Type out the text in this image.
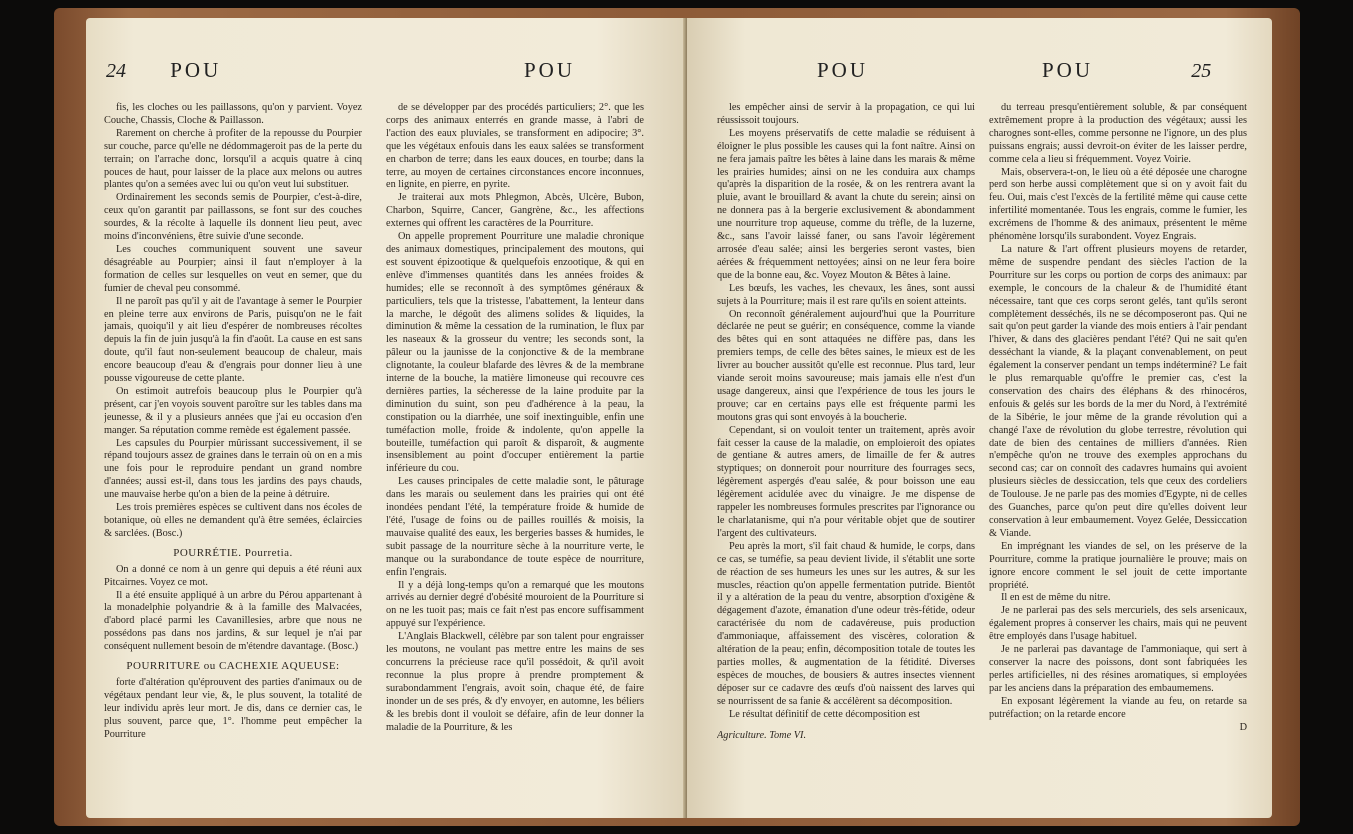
24 POU	POU

fis, les cloches ou les paillassons, qu'on y parvient. Voyez Couche, Chassis, Cloche & Paillasson.

Rarement on cherche à profiter de la repousse du Pourpier sur couche, parce qu'elle ne dédommageroit pas de la perte du terrain; on l'arrache donc, lorsqu'il a acquis quatre à cinq pouces de haut, pour laisser de la place aux melons ou autres plantes qu'on a semées avec lui ou qu'on veut lui substituer.

Ordinairement les seconds semis de Pourpier, c'est-à-dire, ceux qu'on garantit par paillassons, se font sur des couches sourdes, & la récolte à laquelle ils donnent lieu peut, avec moins d'inconvéniens, être suivie d'une seconde.

Les couches communiquent souvent une saveur désagréable au Pourpier; ainsi il faut n'employer à la formation de celles sur lesquelles on veut en semer, que du fumier de cheval peu consommé.

Il ne paroît pas qu'il y ait de l'avantage à semer le Pourpier en pleine terre aux environs de Paris, puisqu'on ne le fait jamais, quoiqu'il y ait lieu d'espérer de nombreuses récoltes depuis la fin de juin jusqu'à la fin d'août. La cause en est sans doute, qu'il faut non-seulement beaucoup de chaleur, mais encore beaucoup d'eau & d'engrais pour donner lieu à une pousse vigoureuse de cette plante.

On estimoit autrefois beaucoup plus le Pourpier qu'à présent, car j'en voyois souvent paroître sur les tables dans ma jeunesse, & il y a plusieurs années que j'ai eu occasion d'en manger. Sa réputation comme remède est également passée.

Les capsules du Pourpier mûrissant successivement, il se répand toujours assez de graines dans le terrain où on en a mis une fois pour le reproduire pendant un grand nombre d'années; aussi est-il, dans tous les jardins des pays chauds, une mauvaise herbe qu'on a bien de la peine à détruire.

Les trois premières espèces se cultivent dans nos écoles de botanique, où elles ne demandent qu'à être semées, éclaircies & sarclées. (Bosc.)

POURRÉTIE. Pourretia.

On a donné ce nom à un genre qui depuis a été réuni aux Pitcairnes. Voyez ce mot.

Il a été ensuite appliqué à un arbre du Pérou appartenant à la monadelphie polyandrie & à la famille des Malvacées, d'abord placé parmi les Cavanillesies, arbre que nous ne possédons pas dans nos jardins, & sur lequel je n'ai par conséquent nullement besoin de m'étendre davantage. (Bosc.)

POURRITURE ou CACHEXIE AQUEUSE:

forte d'altération qu'éprouvent des parties d'animaux ou de végétaux pendant leur vie, &, le plus souvent, la totalité de leur individu après leur mort. Je dis, dans ce dernier cas, le plus souvent, parce que, 1°. l'homme peut empêcher la Pourriture

de se développer par des procédés particuliers; 2°. que les corps des animaux enterrés en grande masse, à l'abri de l'action des eaux pluviales, se transforment en adipocire; 3°. que les végétaux enfouis dans les eaux salées se transforment en charbon de terre; dans les eaux douces, en tourbe; dans la terre, au moyen de certaines circonstances encore inconnues, en lignite, en pierre, en pyrite.

Je traiterai aux mots Phlegmon, Abcès, Ulcère, Bubon, Charbon, Squirre, Cancer, Gangrène, &c., les affections externes qui offrent les caractères de la Pourriture.

On appelle proprement Pourriture une maladie chronique des animaux domestiques, principalement des moutons, qui est souvent épizootique & quelquefois enzootique, & qui en enlève d'immenses quantités dans les années froides & humides; elle se reconnoît à des symptômes généraux & particuliers, tels que la tristesse, l'abattement, la lenteur dans la marche, le dégoût des alimens solides & liquides, la diminution & même la cessation de la rumination, le flux par les naseaux & la grosseur du ventre; les seconds sont, la pâleur ou la jaunisse de la conjonctive & de la membrane clignotante, la couleur blafarde des lèvres & de la membrane interne de la bouche, la matière limoneuse qui recouvre ces dernières parties, la sécheresse de la laine produite par la diminution du suint, son peu d'adhérence à la peau, la constipation ou la diarrhée, une soif inextinguible, enfin une tuméfaction molle, froide & indolente, qu'on appelle la bouteille, tuméfaction qui paroît & disparoît, & augmente insensiblement au point d'occuper entièrement la partie inférieure du cou.

Les causes principales de cette maladie sont, le pâturage dans les marais ou seulement dans les prairies qui ont été inondées pendant l'été, la température froide & humide de l'été, l'usage de foins ou de pailles rouillés & moisis, la mauvaise qualité des eaux, les bergeries basses & humides, le subit passage de la nourriture sèche à la nourriture verte, le manque ou la surabondance de toute espèce de nourriture, enfin l'engrais.

Il y a déjà long-temps qu'on a remarqué que les moutons arrivés au dernier degré d'obésité mouroient de la Pourriture si on ne les tuoit pas; mais ce fait n'est pas encore suffisamment appuyé sur l'expérience.

L'Anglais Blackwell, célèbre par son talent pour engraisser les moutons, ne voulant pas mettre entre les mains de ses concurrens la précieuse race qu'il possédoit, & qu'il avoit reconnue la plus propre à prendre promptement & surabondamment l'engrais, avoit soin, chaque été, de faire inonder un de ses prés, & d'y envoyer, en automne, les béliers & les brebis dont il vouloit se défaire, afin de leur donner la maladie de la Pourriture, & les

POU	POU	25

les empêcher ainsi de servir à la propagation, ce qui lui réussissoit toujours.

Les moyens préservatifs de cette maladie se réduisent à éloigner le plus possible les causes qui la font naître. Ainsi on ne fera jamais paître les bêtes à laine dans les marais & même les prairies humides; ainsi on ne les conduira aux champs qu'après la disparition de la rosée, & on les rentrera avant la pluie, avant le brouillard & avant la chute du serein; ainsi on ne donnera pas à la bergerie exclusivement & abondamment une nourriture trop aqueuse, comme du trèfle, de la luzerne, &c., sans l'avoir laissé faner, ou sans l'avoir légèrement arrosée d'eau salée; ainsi les bergeries seront vastes, bien aérées & fréquemment nettoyées; ainsi on ne leur fera boire que de la bonne eau, &c. Voyez Mouton & Bêtes à laine.

Les bœufs, les vaches, les chevaux, les ânes, sont aussi sujets à la Pourriture; mais il est rare qu'ils en soient atteints.

On reconnoît généralement aujourd'hui que la Pourriture déclarée ne peut se guérir; en conséquence, comme la viande des bêtes qui en sont attaquées ne diffère pas, dans les premiers temps, de celle des bêtes saines, le mieux est de les livrer au boucher aussitôt qu'elle est reconnue. Plus tard, leur viande seroit moins savoureuse; mais jamais elle n'est d'un usage dangereux, ainsi que l'expérience de tous les jours le prouve; car en certains pays elle est fréquente parmi les moutons gras qui sont envoyés à la boucherie.

Cependant, si on vouloit tenter un traitement, après avoir fait cesser la cause de la maladie, on emploieroit des opiates de gentiane & autres amers, de limaille de fer & autres styptiques; on donneroit pour nourriture des fourrages secs, légèrement aspergés d'eau salée, & pour boisson une eau légèrement acidulée avec du vinaigre. Je me dispense de rappeler les nombreuses formules prescrites par l'ignorance ou le charlatanisme, qui n'a pour véritable objet que de soutirer l'argent des cultivateurs.

Peu après la mort, s'il fait chaud & humide, le corps, dans ce cas, se tuméfie, sa peau devient livide, il s'établit une sorte de réaction de ses humeurs les unes sur les autres, & sur les muscles, réaction qu'on appelle fermentation putride. Bientôt il y a altération de la peau du ventre, absorption d'oxigène & dégagement d'azote, émanation d'une odeur très-fétide, odeur caractérisée du nom de cadavéreuse, puis production d'ammoniaque, affaissement des viscères, coloration & altération de la peau; enfin, décomposition totale de toutes les parties molles, & augmentation de la fétidité. Diverses espèces de mouches, de bousiers & autres insectes viennent déposer sur ce cadavre des œufs d'où naissent des larves qui se nourrissent de sa fanie & accélèrent sa décomposition.

Le résultat définitif de cette décomposition est

Agriculture. Tome VI.

du terreau presqu'entièrement soluble, & par conséquent extrêmement propre à la production des végétaux; aussi les charognes sont-elles, comme personne ne l'ignore, un des plus puissans engrais; aussi devroit-on éviter de les laisser perdre, comme cela a lieu si fréquemment. Voyez Voirie.

Mais, observera-t-on, le lieu où a été déposée une charogne perd son herbe aussi complètement que si on y avoit fait du feu. Oui, mais c'est l'excès de la fertilité même qui cause cette infertilité momentanée. Tous les engrais, comme le fumier, les excrémens de l'homme & des animaux, présentent le même phénomène lorsqu'ils surabondent. Voyez Engrais.

La nature & l'art offrent plusieurs moyens de retarder, même de suspendre pendant des siècles l'action de la Pourriture sur les corps ou portion de corps des animaux: par exemple, le concours de la chaleur & de l'humidité étant nécessaire, tant que ces corps seront gelés, tant qu'ils seront complètement desséchés, ils ne se décomposeront pas. Qui ne sait qu'on peut garder la viande des mois entiers à l'air pendant l'hiver, & dans des glacières pendant l'été? Qui ne sait qu'en desséchant la viande, & la plaçant convenablement, on peut également la conserver pendant un temps indéterminé? Le fait le plus remarquable qu'offre le premier cas, c'est la conservation des chairs des éléphans & des rhinocéros, enfouis & gelés sur les bords de la mer du Nord, à l'extrémité de la Sibérie, le jour même de la grande révolution qui a changé l'axe de révolution du globe terrestre, révolution qui date de bien des centaines de milliers d'années. Rien n'empêche qu'on ne trouve des exemples approchans du second cas; car on connoît des cadavres humains qui avoient plusieurs siècles de dessiccation, tels que ceux des cordeliers de Toulouse. Je ne parle pas des momies d'Egypte, ni de celles des Guanches, parce qu'on peut dire qu'elles doivent leur conservation à leur embaumement. Voyez Gelée, Dessiccation & Viande.

En imprégnant les viandes de sel, on les préserve de la Pourriture, comme la pratique journalière le prouve; mais on ignore encore comment le sel jouit de cette importante propriété.

Il en est de même du nitre.

Je ne parlerai pas des sels mercuriels, des sels arsenicaux, également propres à conserver les chairs, mais qui ne peuvent être employés dans l'usage habituel.

Je ne parlerai pas davantage de l'ammoniaque, qui sert à conserver la nacre des poissons, dont sont fabriquées les perles artificielles, ni des résines aromatiques, si employées par les anciens dans la préparation des embaumemens.

En exposant légèrement la viande au feu, on retarde sa putréfaction; on la retarde encore

D
